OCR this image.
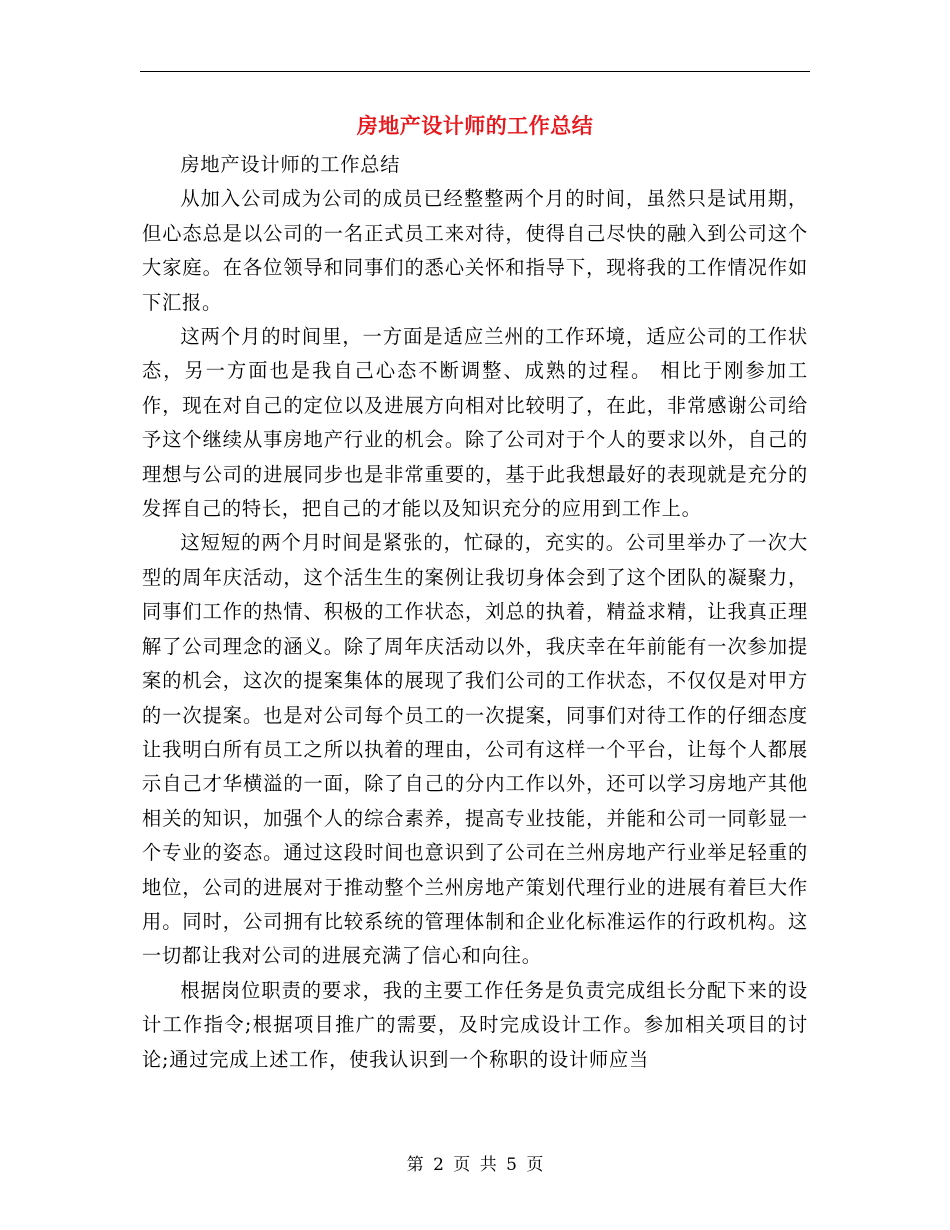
房地产设计师的工作总结

房地产设计师的工作总结

从加入公司成为公司的成员已经整整两个月的时间，虽然只是试用期，但心态总是以公司的一名正式员工来对待，使得自己尽快的融入到公司这个大家庭。在各位领导和同事们的悉心关怀和指导下，现将我的工作情况作如下汇报。

这两个月的时间里，一方面是适应兰州的工作环境，适应公司的工作状态，另一方面也是我自己心态不断调整、成熟的过程。 相比于刚参加工作，现在对自己的定位以及进展方向相对比较明了，在此，非常感谢公司给予这个继续从事房地产行业的机会。除了公司对于个人的要求以外，自己的理想与公司的进展同步也是非常重要的，基于此我想最好的表现就是充分的发挥自己的特长，把自己的才能以及知识充分的应用到工作上。

这短短的两个月时间是紧张的，忙碌的，充实的。公司里举办了一次大型的周年庆活动，这个活生生的案例让我切身体会到了这个团队的凝聚力，同事们工作的热情、积极的工作状态，刘总的执着，精益求精，让我真正理解了公司理念的涵义。除了周年庆活动以外，我庆幸在年前能有一次参加提案的机会，这次的提案集体的展现了我们公司的工作状态，不仅仅是对甲方的一次提案。也是对公司每个员工的一次提案，同事们对待工作的仔细态度让我明白所有员工之所以执着的理由，公司有这样一个平台，让每个人都展示自己才华横溢的一面，除了自己的分内工作以外，还可以学习房地产其他相关的知识，加强个人的综合素养，提高专业技能，并能和公司一同彰显一个专业的姿态。通过这段时间也意识到了公司在兰州房地产行业举足轻重的地位，公司的进展对于推动整个兰州房地产策划代理行业的进展有着巨大作用。同时，公司拥有比较系统的管理体制和企业化标准运作的行政机构。这一切都让我对公司的进展充满了信心和向往。

根据岗位职责的要求，我的主要工作任务是负责完成组长分配下来的设计工作指令;根据项目推广的需要，及时完成设计工作。参加相关项目的讨论;通过完成上述工作，使我认识到一个称职的设计师应当

第 2 页 共 5 页
